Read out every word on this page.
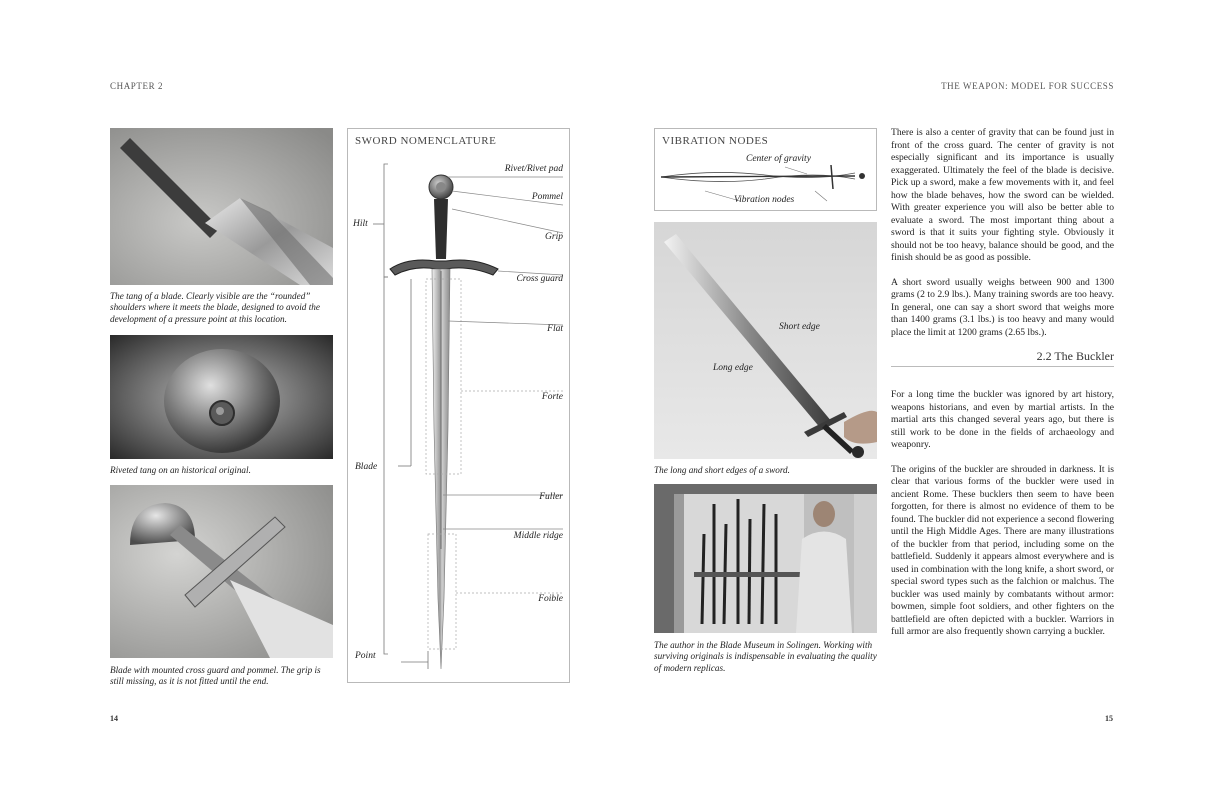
CHAPTER 2	THE WEAPON: MODEL FOR SUCCESS
The tang of a blade. Clearly visible are the “rounded” shoulders where it meets the blade, designed to avoid the development of a pressure point at this location.
Riveted tang on an historical original.
Blade with mounted cross guard and pommel. The grip is still missing, as it is not fitted until the end.
SWORD NOMENCLATURE
Hilt
Blade
Point
Rivet/Rivet pad
Pommel
Grip
Cross guard
Flat
Forte
Fuller
Middle ridge
Foible
14
VIBRATION NODES
Center of gravity
Vibration nodes
Short edge
Long edge
The long and short edges of a sword.
The author in the Blade Museum in Solingen. Working with surviving originals is indispensable in evaluating the quality of modern replicas.

There is also a center of gravity that can be found just in front of the cross guard. The center of gravity is not especially significant and its importance is usually exaggerated. Ultimately the feel of the blade is decisive. Pick up a sword, make a few movements with it, and feel how the blade behaves, how the sword can be wielded. With greater experience you will also be better able to evaluate a sword. The most important thing about a sword is that it suits your fighting style. Obviously it should not be too heavy, balance should be good, and the finish should be as good as possible.

A short sword usually weighs between 900 and 1300 grams (2 to 2.9 lbs.). Many training swords are too heavy. In general, one can say a short sword that weighs more than 1400 grams (3.1 lbs.) is too heavy and many would place the limit at 1200 grams (2.65 lbs.).

2.2 The Buckler

For a long time the buckler was ignored by art history, weapons historians, and even by martial artists. In the martial arts this changed several years ago, but there is still work to be done in the fields of archaeology and weaponry.

The origins of the buckler are shrouded in darkness. It is clear that various forms of the buckler were used in ancient Rome. These bucklers then seem to have been forgotten, for there is almost no evidence of them to be found. The buckler did not experience a second flowering until the High Middle Ages. There are many illustrations of the buckler from that period, including some on the battlefield. Suddenly it appears almost everywhere and is used in combination with the long knife, a short sword, or special sword types such as the falchion or malchus. The buckler was used mainly by combatants without armor: bowmen, simple foot soldiers, and other fighters on the battlefield are often depicted with a buckler. Warriors in full armor are also frequently shown carrying a buckler.

15
